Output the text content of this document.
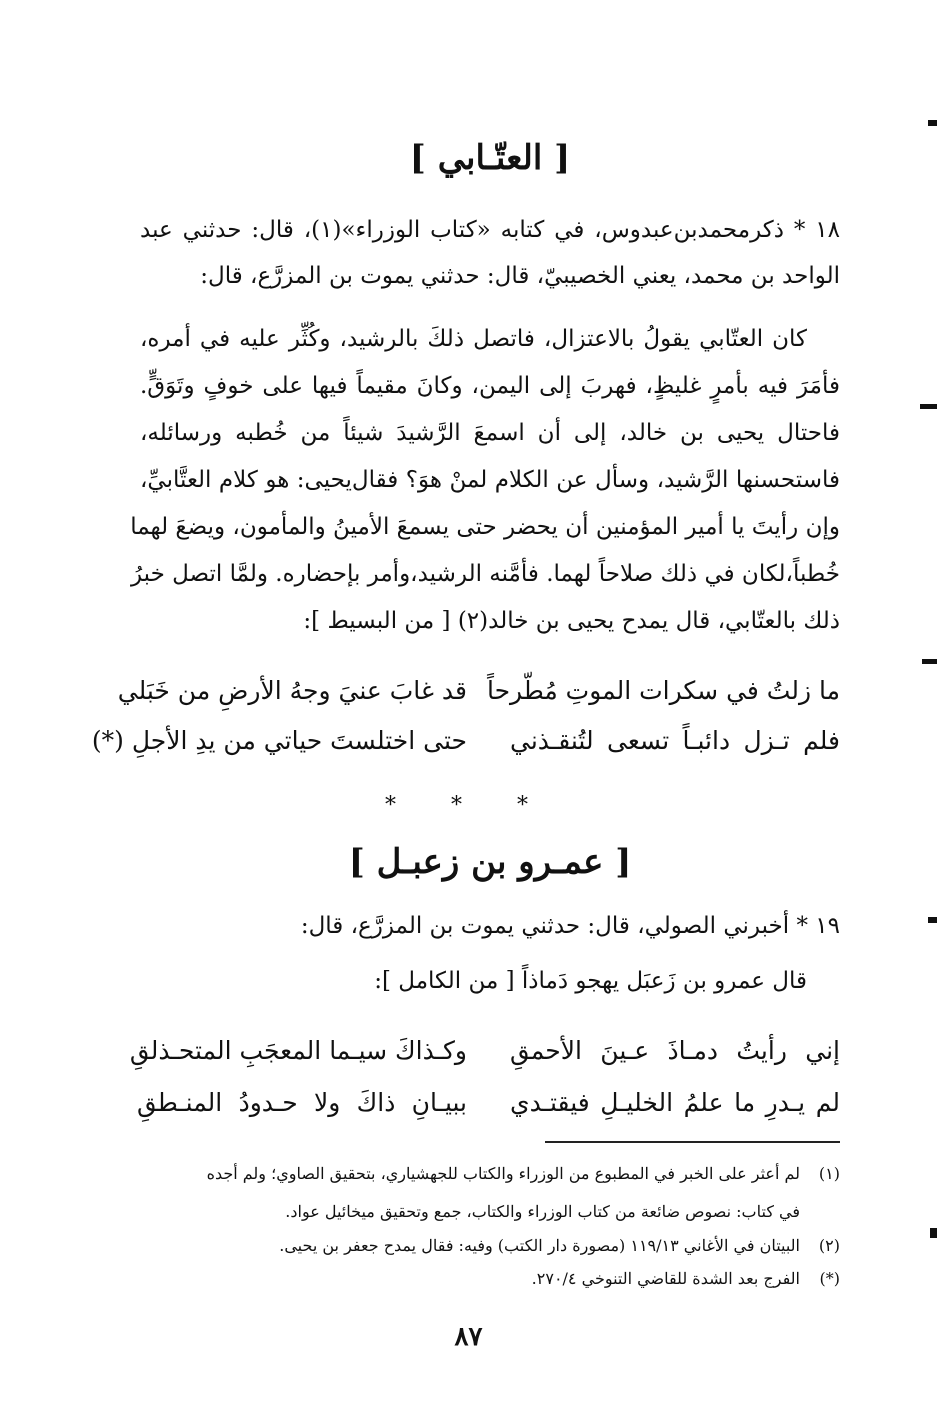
[ العتّـابي ]
١٨ * ذكرمحمدبن‌عبدوس، في كتابه «كتاب الوزراء»(١)، قال: حدثني عبد
الواحد بن محمد، يعني الخصيبيّ، قال: حدثني يموت بن المزرَّع، قال:
كان العتّابي يقولُ بالاعتزال، فاتصل ذلكَ بالرشيد، وكُثِّر عليه في أمره،
فأمَرَ فيه بأمرٍ غليظٍ، فهربَ إلى اليمن، وكانَ مقيماً فيها على خوفٍ وتَوَقٍّ.
فاحتال يحيى بن خالد، إلى أن اسمعَ الرَّشيدَ شيئاً من خُطبه ورسائله،
فاستحسنها الرَّشيد، وسأل عن الكلام لمنْ هوَ؟ فقال‌يحيى: هو كلام العتَّابيِّ،
وإن رأيتَ يا أمير المؤمنين أن يحضر حتى يسمعَ الأمينُ والمأمون، ويضعَ لهما
خُطباً،لكان في ذلك صلاحاً لهما. فأمَّنه الرشيد،وأمر بإحضاره. ولمَّا اتصل خبرُ
ذلك بالعتّابي، قال يمدح يحيى بن خالد(٢) [ من البسيط ]:
ما زلتُ في سكرات الموتِ مُطّرحاً
قد غابَ عنيَ وجهُ الأرضِ من خَبَلي
فلم تـزل دائبـاً تسعى لتُنقـذني
حتى اختلستَ حياتي من يدِ الأجلِ (*)
* * *
[ عمـرو بن زعبـل ]
١٩ * أخبرني الصولي، قال: حدثني يموت بن المزرَّع، قال:
قال عمرو بن زَعبَل يهجو دَماذاً [ من الكامل ]:
إني رأيتُ دمـاذَ عـينَ الأحمقِ
وكـذاكَ سيـما المعجَبِ المتحـذلقِ
لم يـدرِ ما علمُ الخليـلِ فيقتـدي
ببيـانِ ذاكَ ولا حـدودُ المنـطقِ
(١)لم أعثر على الخبر في المطبوع من الوزراء والكتاب للجهشياري، بتحقيق الصاوي؛ ولم أجده
في كتاب: نصوص ضائعة من كتاب الوزراء والكتاب، جمع وتحقيق ميخائيل عواد.
(٢)البيتان في الأغاني ١١٩/١٣ (مصورة دار الكتب) وفيه: فقال يمدح جعفر بن يحيى.
(*)الفرج بعد الشدة للقاضي التنوخي ٢٧٠/٤.
٨٧
